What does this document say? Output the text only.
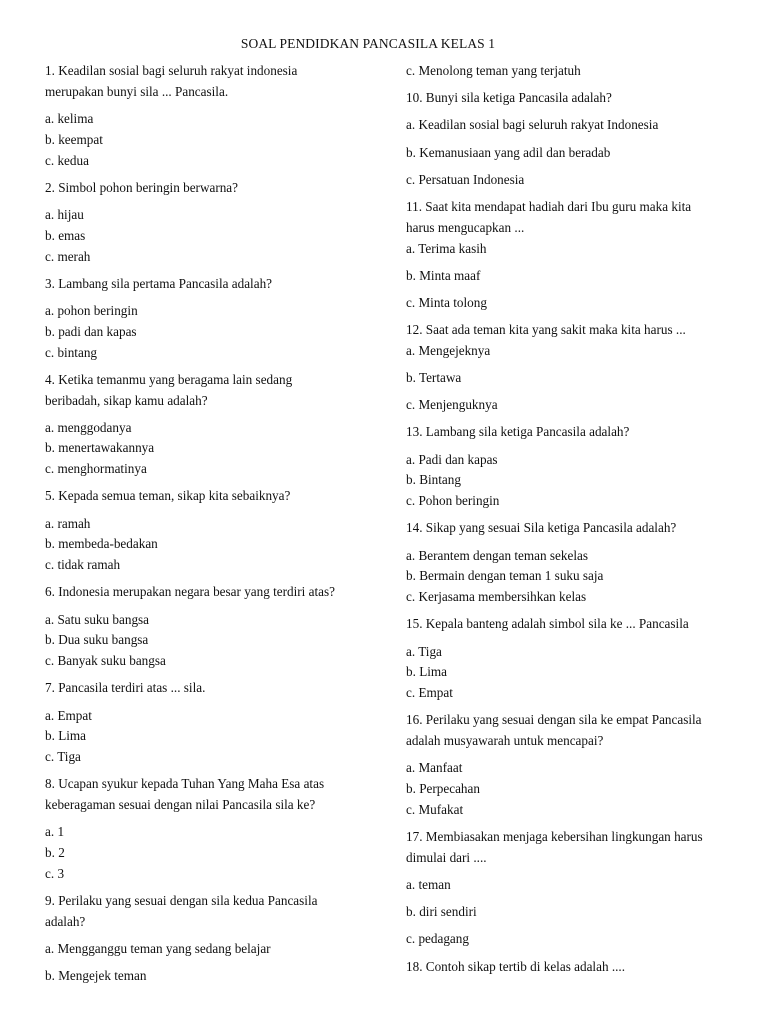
SOAL PENDIDKAN PANCASILA KELAS 1
1. Keadilan sosial bagi seluruh rakyat indonesia
merupakan bunyi sila ... Pancasila.
a. kelima
b. keempat
c. kedua
2. Simbol pohon beringin berwarna?
a. hijau
b. emas
c. merah
3. Lambang sila pertama Pancasila adalah?
a. pohon beringin
b. padi dan kapas
c. bintang
4. Ketika temanmu yang beragama lain sedang
beribadah, sikap kamu adalah?
a. menggodanya
b. menertawakannya
c. menghormatinya
5. Kepada semua teman, sikap kita sebaiknya?
a. ramah
b. membeda-bedakan
c. tidak ramah
6. Indonesia merupakan negara besar yang terdiri atas?
a. Satu suku bangsa
b. Dua suku bangsa
c. Banyak suku bangsa
7. Pancasila terdiri atas ... sila.
a. Empat
b. Lima
c. Tiga
8. Ucapan syukur kepada Tuhan Yang Maha Esa atas
keberagaman sesuai dengan nilai Pancasila sila ke?
a. 1
b. 2
c. 3
9. Perilaku yang sesuai dengan sila kedua Pancasila
adalah?
a. Mengganggu teman yang sedang belajar
b. Mengejek teman
c. Menolong teman yang terjatuh
10. Bunyi sila ketiga Pancasila adalah?
a. Keadilan sosial bagi seluruh rakyat Indonesia
b. Kemanusiaan yang adil dan beradab
c. Persatuan Indonesia
11. Saat kita mendapat hadiah dari Ibu guru maka kita
harus mengucapkan ...
a. Terima kasih
b. Minta maaf
c. Minta tolong
12. Saat ada teman kita yang sakit maka kita harus ...
a. Mengejeknya
b. Tertawa
c. Menjenguknya
13. Lambang sila ketiga Pancasila adalah?
a. Padi dan kapas
b. Bintang
c. Pohon beringin
14. Sikap yang sesuai Sila ketiga Pancasila adalah?
a. Berantem dengan teman sekelas
b. Bermain dengan teman 1 suku saja
c. Kerjasama membersihkan kelas
15. Kepala banteng adalah simbol sila ke ... Pancasila
a. Tiga
b. Lima
c. Empat
16. Perilaku yang sesuai dengan sila ke empat Pancasila
adalah musyawarah untuk mencapai?
a. Manfaat
b. Perpecahan
c. Mufakat
17. Membiasakan menjaga kebersihan lingkungan harus
dimulai dari ....
a. teman
b. diri sendiri
c. pedagang
18. Contoh sikap tertib di kelas adalah ....
